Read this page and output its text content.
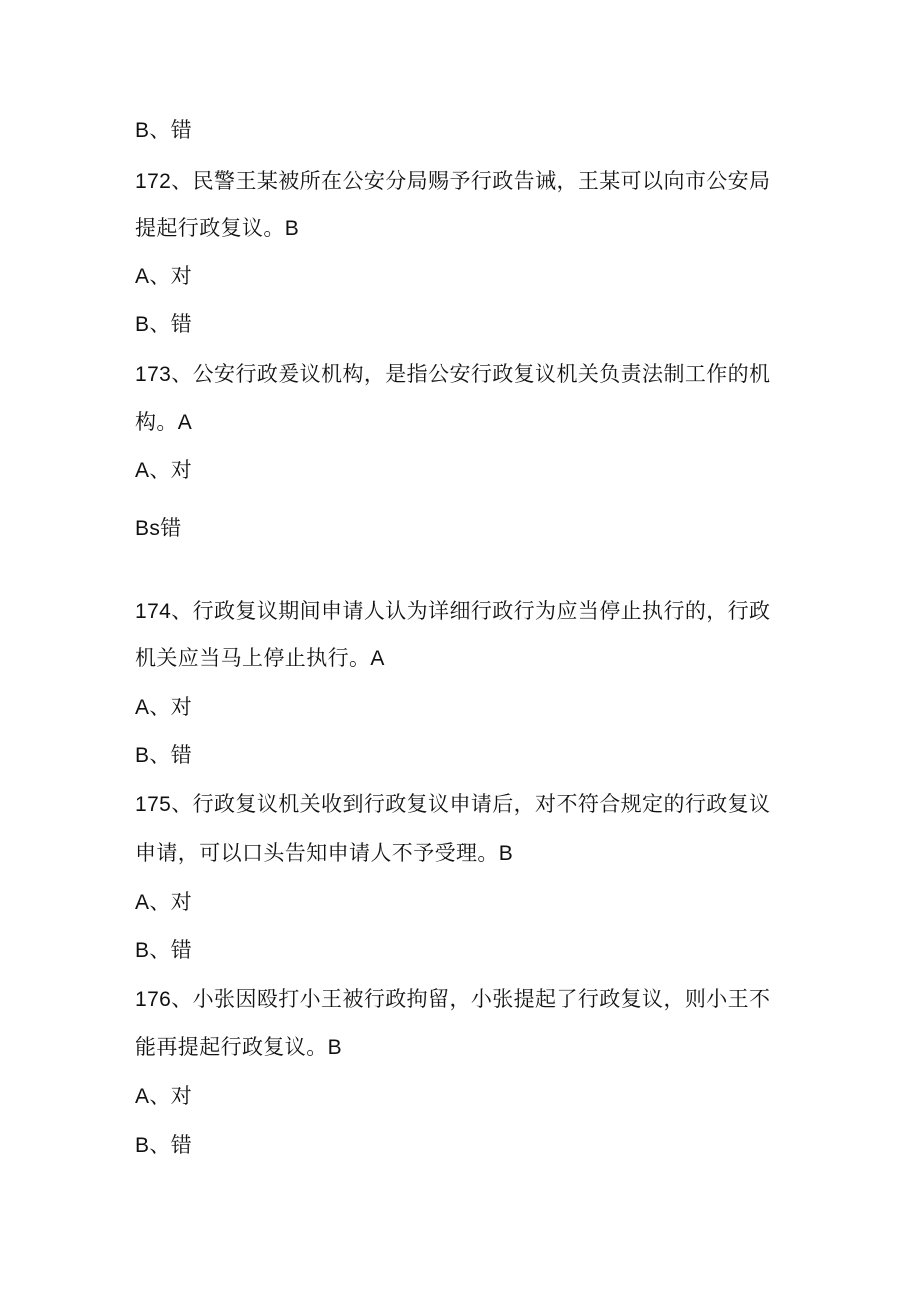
B、错
172、民警王某被所在公安分局赐予行政告诫，王某可以向市公安局
提起行政复议。B
A、对
B、错
173、公安行政爰议机构，是指公安行政复议机关负责法制工作的机
构。A
A、对
Bs错
174、行政复议期间申请人认为详细行政行为应当停止执行的，行政
机关应当马上停止执行。A
A、对
B、错
175、行政复议机关收到行政复议申请后，对不符合规定的行政复议
申请，可以口头告知申请人不予受理。B
A、对
B、错
176、小张因殴打小王被行政拘留，小张提起了行政复议，则小王不
能再提起行政复议。B
A、对
B、错
